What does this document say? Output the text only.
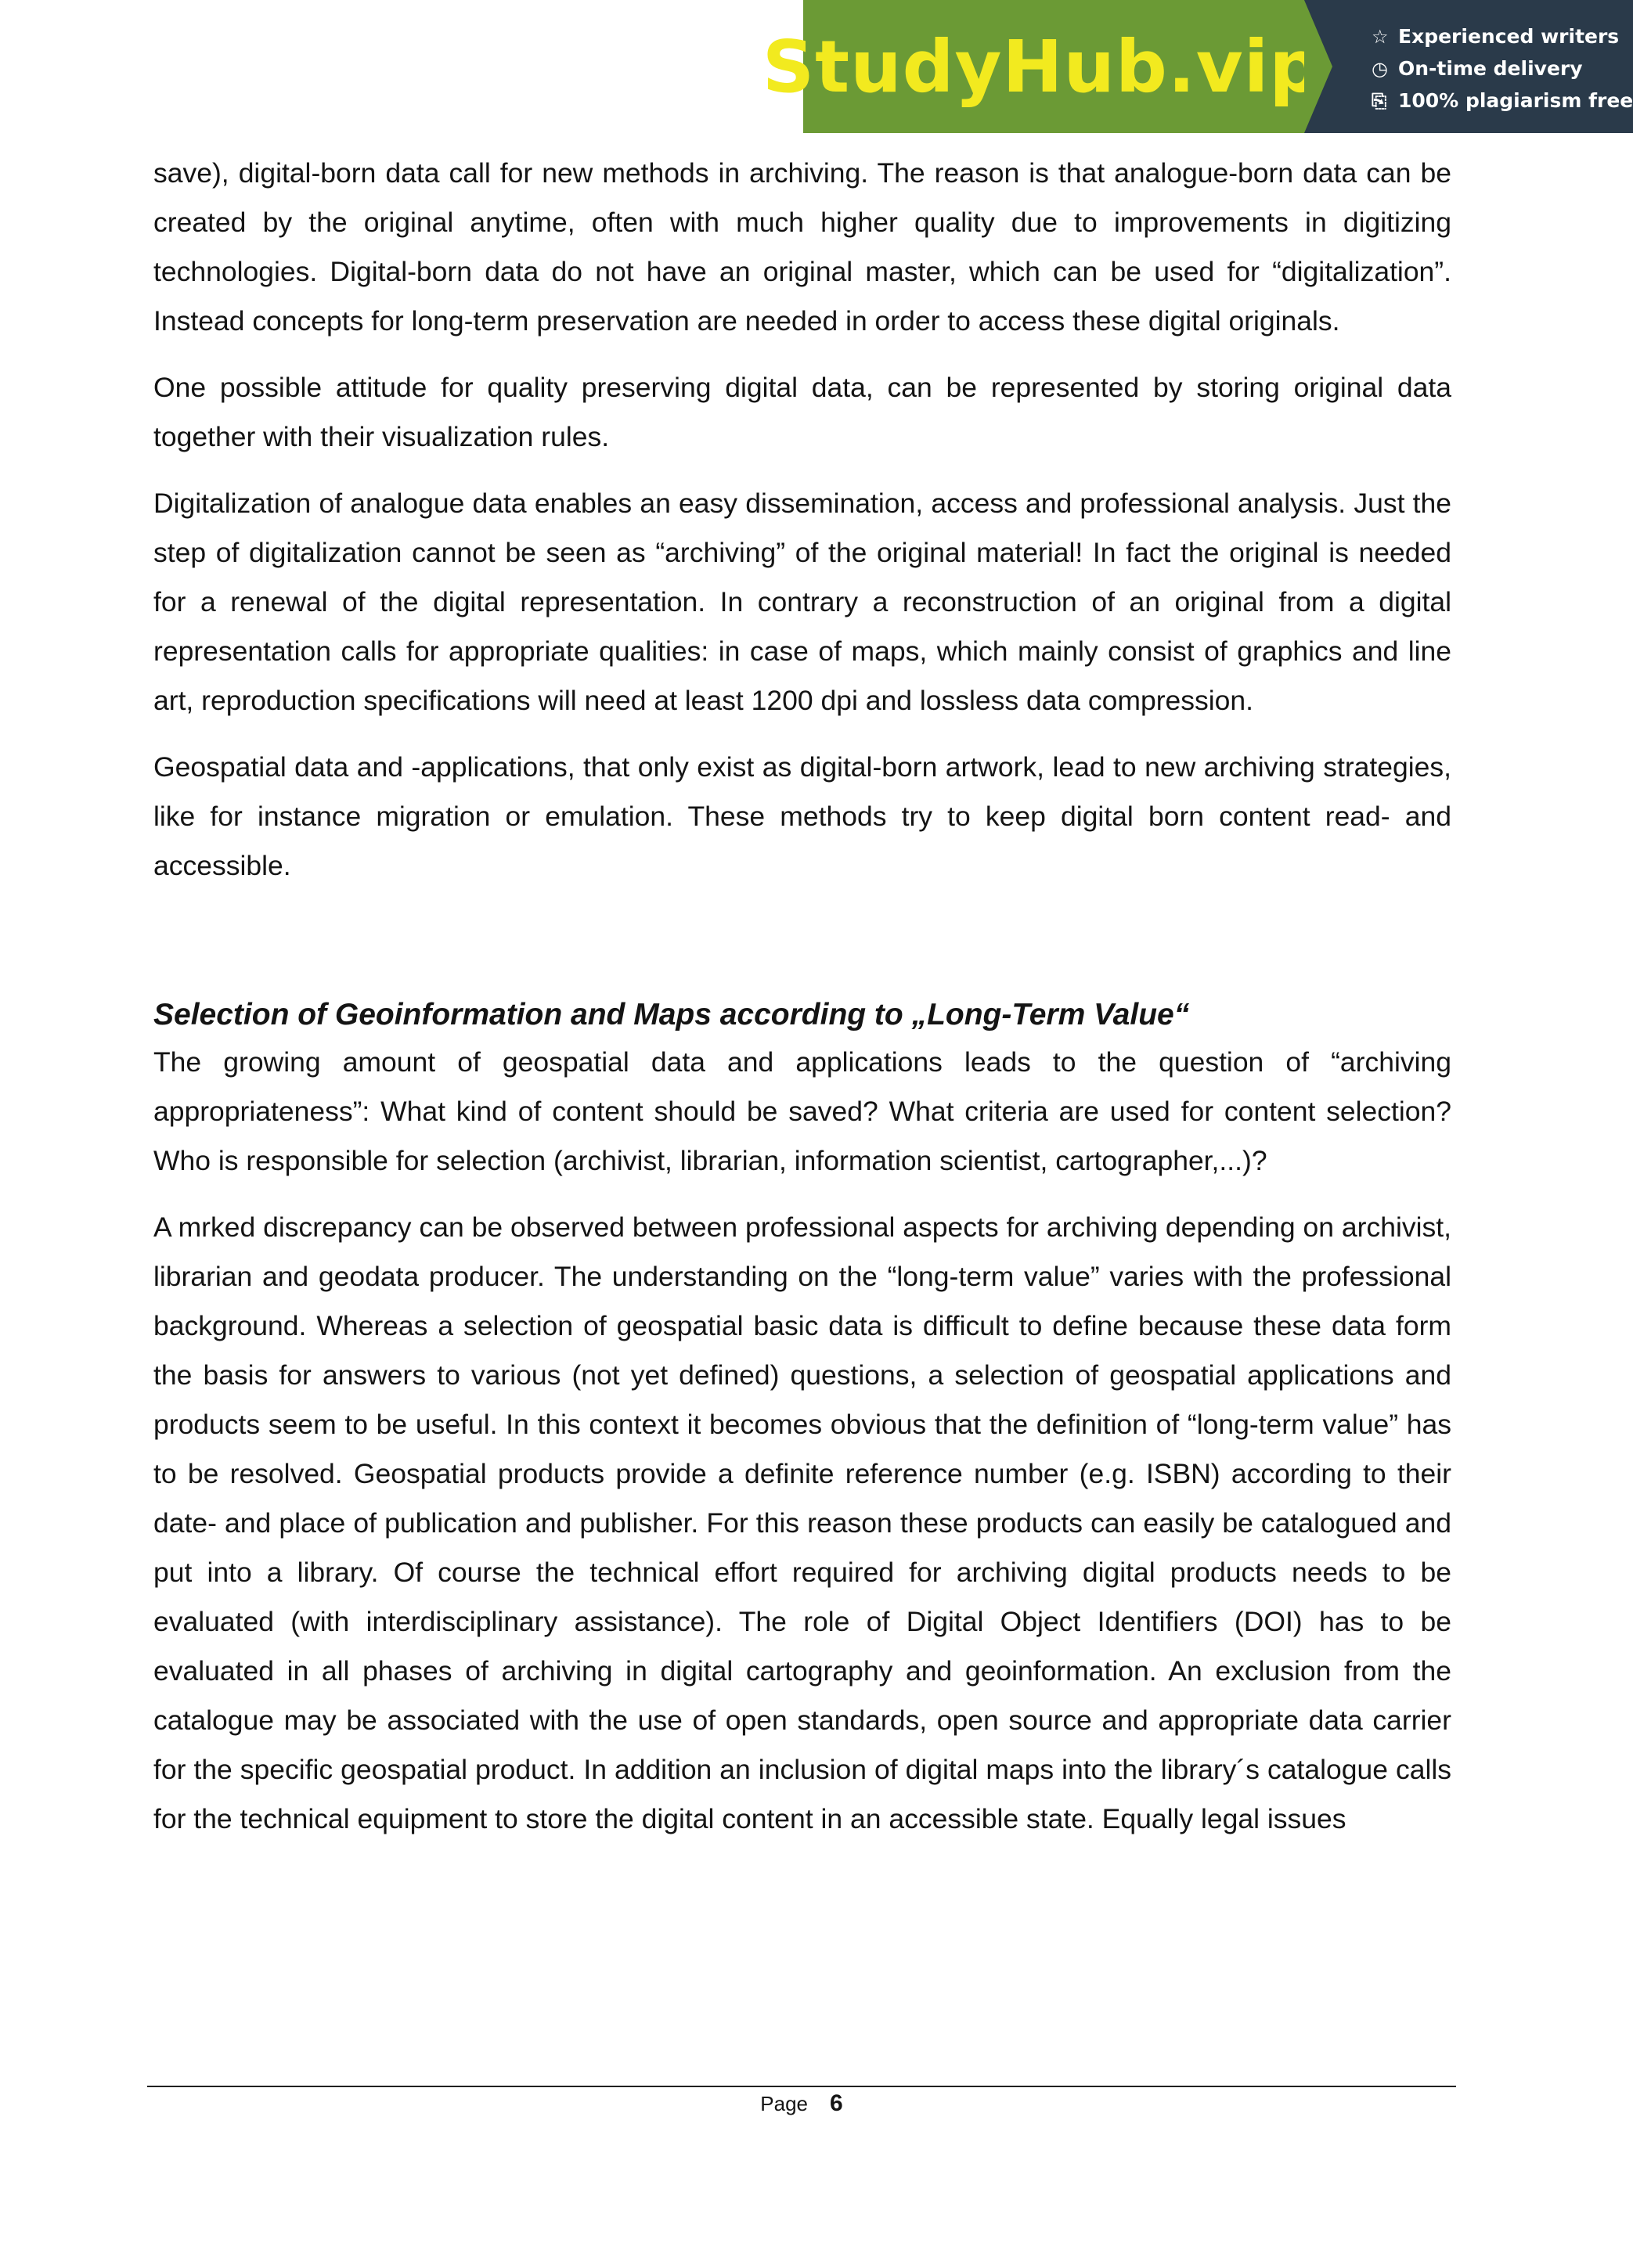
StudyHub.vip	☆ Experienced writers
◷ On-time delivery
⎘ 100% plagiarism free

save), digital-born data call for new methods in archiving. The reason is that analogue-born data can be created by the original anytime, often with much higher quality due to improvements in digitizing technologies. Digital-born data do not have an original master, which can be used for “digitalization”. Instead concepts for long-term preservation are needed in order to access these digital originals.

One possible attitude for quality preserving digital data, can be represented by storing original data together with their visualization rules.

Digitalization of analogue data enables an easy dissemination, access and professional analysis. Just the step of digitalization cannot be seen as “archiving” of the original material! In fact the original is needed for a renewal of the digital representation. In contrary a reconstruction of an original from a digital representation calls for appropriate qualities: in case of maps, which mainly consist of graphics and line art, reproduction specifications will need at least 1200 dpi and lossless data compression.

Geospatial data and -applications, that only exist as digital-born artwork, lead to new archiving strategies, like for instance migration or emulation. These methods try to keep digital born content read- and accessible.

Selection of Geoinformation and Maps according to „Long-Term Value“

The growing amount of geospatial data and applications leads to the question of “archiving appropriateness”: What kind of content should be saved? What criteria are used for content selection? Who is responsible for selection (archivist, librarian, information scientist, cartographer,...)?

A mrked discrepancy can be observed between professional aspects for archiving depending on archivist, librarian and geodata producer. The understanding on the “long-term value” varies with the professional background. Whereas a selection of geospatial basic data is difficult to define because these data form the basis for answers to various (not yet defined) questions, a selection of geospatial applications and products seem to be useful. In this context it becomes obvious that the definition of “long-term value” has to be resolved. Geospatial products provide a definite reference number (e.g. ISBN) according to their date- and place of publication and publisher. For this reason these products can easily be catalogued and put into a library. Of course the technical effort required for archiving digital products needs to be evaluated (with interdisciplinary assistance). The role of Digital Object Identifiers (DOI) has to be evaluated in all phases of archiving in digital cartography and geoinformation. An exclusion from the catalogue may be associated with the use of open standards, open source and appropriate data carrier for the specific geospatial product. In addition an inclusion of digital maps into the library´s catalogue calls for the technical equipment to store the digital content in an accessible state. Equally legal issues

Page 6
